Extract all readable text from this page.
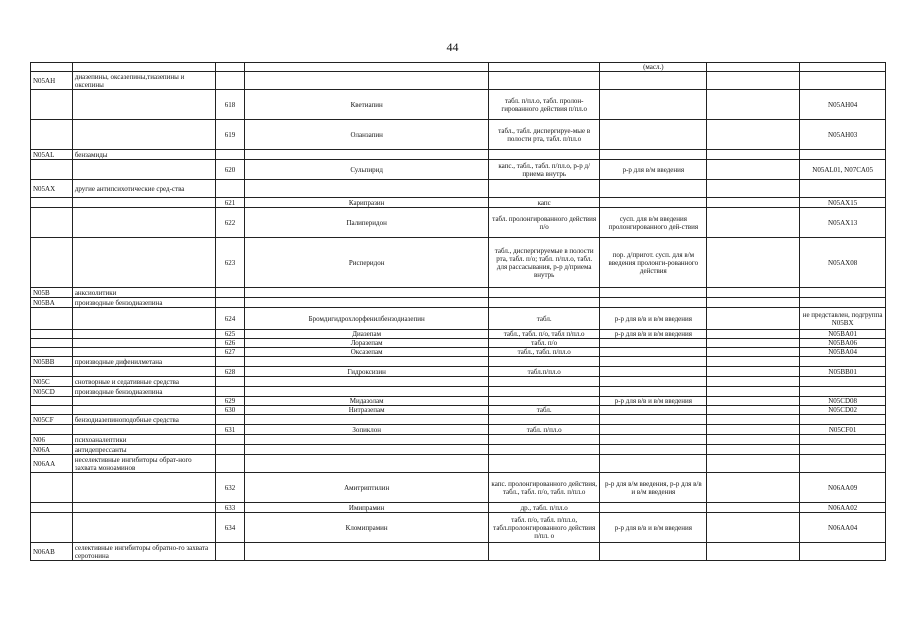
44
					(масл.)		
N05AH	диазепины, оксазепины,тиазепины и оксепины						
		618	Кветиапин	табл. п/пл.о, табл. пролон-гированного действия п/пл.о			N05AH04
		619	Оланзапин	табл., табл. диспергируе-мые в полости рта, табл. п/пл.о			N05AH03
N05AL	бензамиды						
		620	Сульпирид	капс., табл., табл. п/пл.о, р-р д/приема внутрь	р-р для в/м введения		N05AL01, N07CA05
N05AX	другие антипсихотические сред-ства						
		621	Карипразин	капс			N05AX15
		622	Палиперидон	табл. пролонгированного действия п/о	сусп. для в/м введения пролонгированного дей-ствия		N05AX13
		623	Рисперидон	табл., диспергируемые в полости рта, табл. п/о; табл. п/пл.о, табл. для рассасывания, р-р д/приема внутрь	пор. д/пригот. сусп. для в/м введения пролонги-рованного действия		N05AX08
N05B	анксиолитики						
N05BA	производные бензодиазепина						
		624	Бромдигидрохлорфенилбензодиазепин	табл.	р-р для в/в и в/м введения		не представлен, подгруппа N05BX
		625	Диазепам	табл., табл. п/о, табл п/пл.о	р-р для в/в и в/м введения		N05BA01
		626	Лоразепам	табл. п/о			N05BA06
		627	Оксазепам	табл., табл. п/пл.о			N05BA04
N05BB	производные дифенилметана						
		628	Гидроксизин	табл.п/пл.о			N05BB01
N05C	снотворные и седативные средства						
N05CD	производные бензодиазепина						
		629	Мидазолам		р-р для в/в и в/м введения		N05CD08
		630	Нитразепам	табл.			N05CD02
N05CF	бензодиазепиноподобные средства						
		631	Зопиклон	табл. п/пл.о			N05CF01
N06	психоаналептики						
N06A	антидепрессанты						
N06AA	неселективные ингибиторы обрат-ного захвата моноаминов						
		632	Амитриптилин	капс. пролонгированного действия, табл., табл. п/о, табл. п/пл.о	р-р для в/м введения, р-р для в/в и в/м введения		N06AA09
		633	Имипрамин	др., табл. п/пл.о			N06AA02
		634	Кломипрамин	табл. п/о, табл. п/пл.о, табл.пролонгированного действия п/пл. о	р-р для в/в и в/м введения		N06AA04
N06AB	селективные ингибиторы обратно-го захвата серотонина						
